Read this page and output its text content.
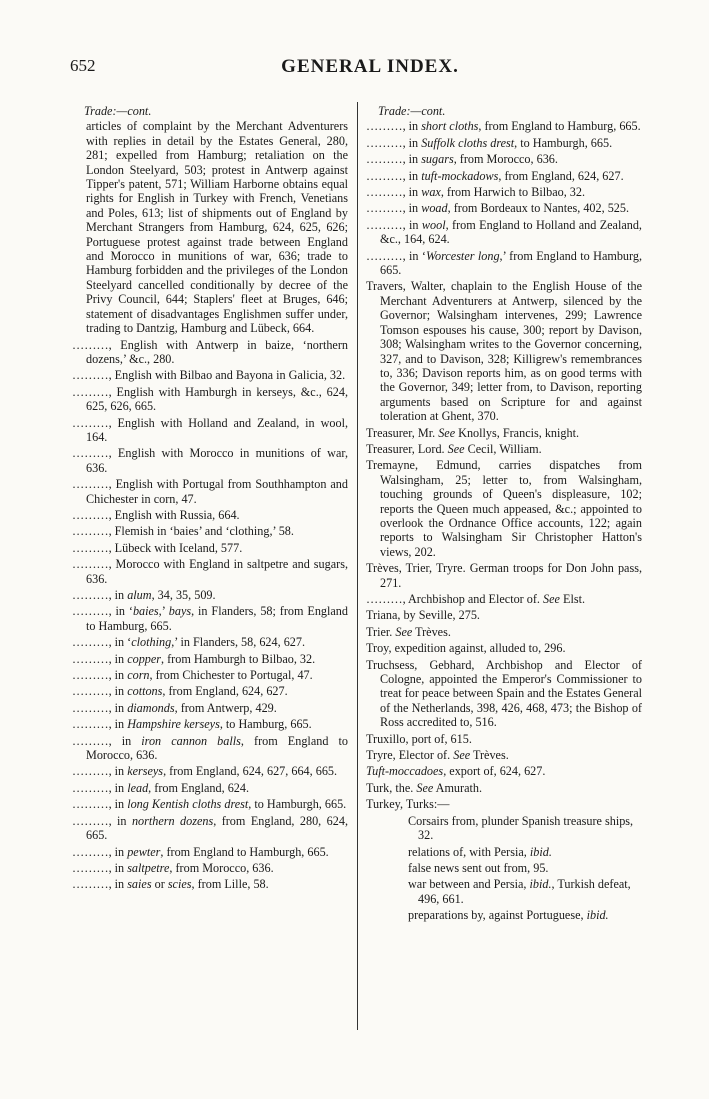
652	GENERAL INDEX.
Trade:—cont.
articles of complaint by the Merchant Adventurers with replies in detail by the Estates General, 280, 281; expelled from Hamburg; retaliation on the London Steelyard, 503; protest in Antwerp against Tipper's patent, 571; William Harborne obtains equal rights for English in Turkey with French, Venetians and Poles, 613; list of shipments out of England by Merchant Strangers from Hamburg, 624, 625, 626; Portuguese protest against trade between England and Morocco in munitions of war, 636; trade to Hamburg forbidden and the privileges of the London Steelyard cancelled conditionally by decree of the Privy Council, 644; Staplers' fleet at Bruges, 646; statement of disadvantages Englishmen suffer under, trading to Dantzig, Hamburg and Lübeck, 664.
………, English with Antwerp in baize, ‘northern dozens,’ &c., 280.
………, English with Bilbao and Bayona in Galicia, 32.
………, English with Hamburgh in kerseys, &c., 624, 625, 626, 665.
………, English with Holland and Zealand, in wool, 164.
………, English with Morocco in munitions of war, 636.
………, English with Portugal from Southhampton and Chichester in corn, 47.
………, English with Russia, 664.
………, Flemish in ‘baies’ and ‘clothing,’ 58.
………, Lübeck with Iceland, 577.
………, Morocco with England in saltpetre and sugars, 636.
………, in alum, 34, 35, 509.
………, in ‘baies,’ bays, in Flanders, 58; from England to Hamburg, 665.
………, in ‘clothing,’ in Flanders, 58, 624, 627.
………, in copper, from Hamburgh to Bilbao, 32.
………, in corn, from Chichester to Portugal, 47.
………, in cottons, from England, 624, 627.
………, in diamonds, from Antwerp, 429.
………, in Hampshire kerseys, to Hamburg, 665.
………, in iron cannon balls, from England to Morocco, 636.
………, in kerseys, from England, 624, 627, 664, 665.
………, in lead, from England, 624.
………, in long Kentish cloths drest, to Hamburgh, 665.
………, in northern dozens, from England, 280, 624, 665.
………, in pewter, from England to Hamburgh, 665.
………, in saltpetre, from Morocco, 636.
………, in saies or scies, from Lille, 58.
Trade:—cont.
………, in short cloths, from England to Hamburg, 665.
………, in Suffolk cloths drest, to Hamburgh, 665.
………, in sugars, from Morocco, 636.
………, in tuft-mockadows, from England, 624, 627.
………, in wax, from Harwich to Bilbao, 32.
………, in woad, from Bordeaux to Nantes, 402, 525.
………, in wool, from England to Holland and Zealand, &c., 164, 624.
………, in ‘Worcester long,’ from England to Hamburg, 665.
Travers, Walter, chaplain to the English House of the Merchant Adventurers at Antwerp, silenced by the Governor; Walsingham intervenes, 299; Lawrence Tomson espouses his cause, 300; report by Davison, 308; Walsingham writes to the Governor concerning, 327, and to Davison, 328; Killigrew's remembrances to, 336; Davison reports him, as on good terms with the Governor, 349; letter from, to Davison, reporting arguments based on Scripture for and against toleration at Ghent, 370.
Treasurer, Mr. See Knollys, Francis, knight.
Treasurer, Lord. See Cecil, William.
Tremayne, Edmund, carries dispatches from Walsingham, 25; letter to, from Walsingham, touching grounds of Queen's displeasure, 102; reports the Queen much appeased, &c.; appointed to overlook the Ordnance Office accounts, 122; again reports to Walsingham Sir Christopher Hatton's views, 202.
Trèves, Trier, Tryre. German troops for Don John pass, 271.
………, Archbishop and Elector of. See Elst.
Triana, by Seville, 275.
Trier. See Trèves.
Troy, expedition against, alluded to, 296.
Truchsess, Gebhard, Archbishop and Elector of Cologne, appointed the Emperor's Commissioner to treat for peace between Spain and the Estates General of the Netherlands, 398, 426, 468, 473; the Bishop of Ross accredited to, 516.
Truxillo, port of, 615.
Tryre, Elector of. See Trèves.
Tuft-moccadoes, export of, 624, 627.
Turk, the. See Amurath.
Turkey, Turks:—
Corsairs from, plunder Spanish treasure ships, 32.
relations of, with Persia, ibid.
false news sent out from, 95.
war between and Persia, ibid., Turkish defeat, 496, 661.
preparations by, against Portuguese, ibid.
